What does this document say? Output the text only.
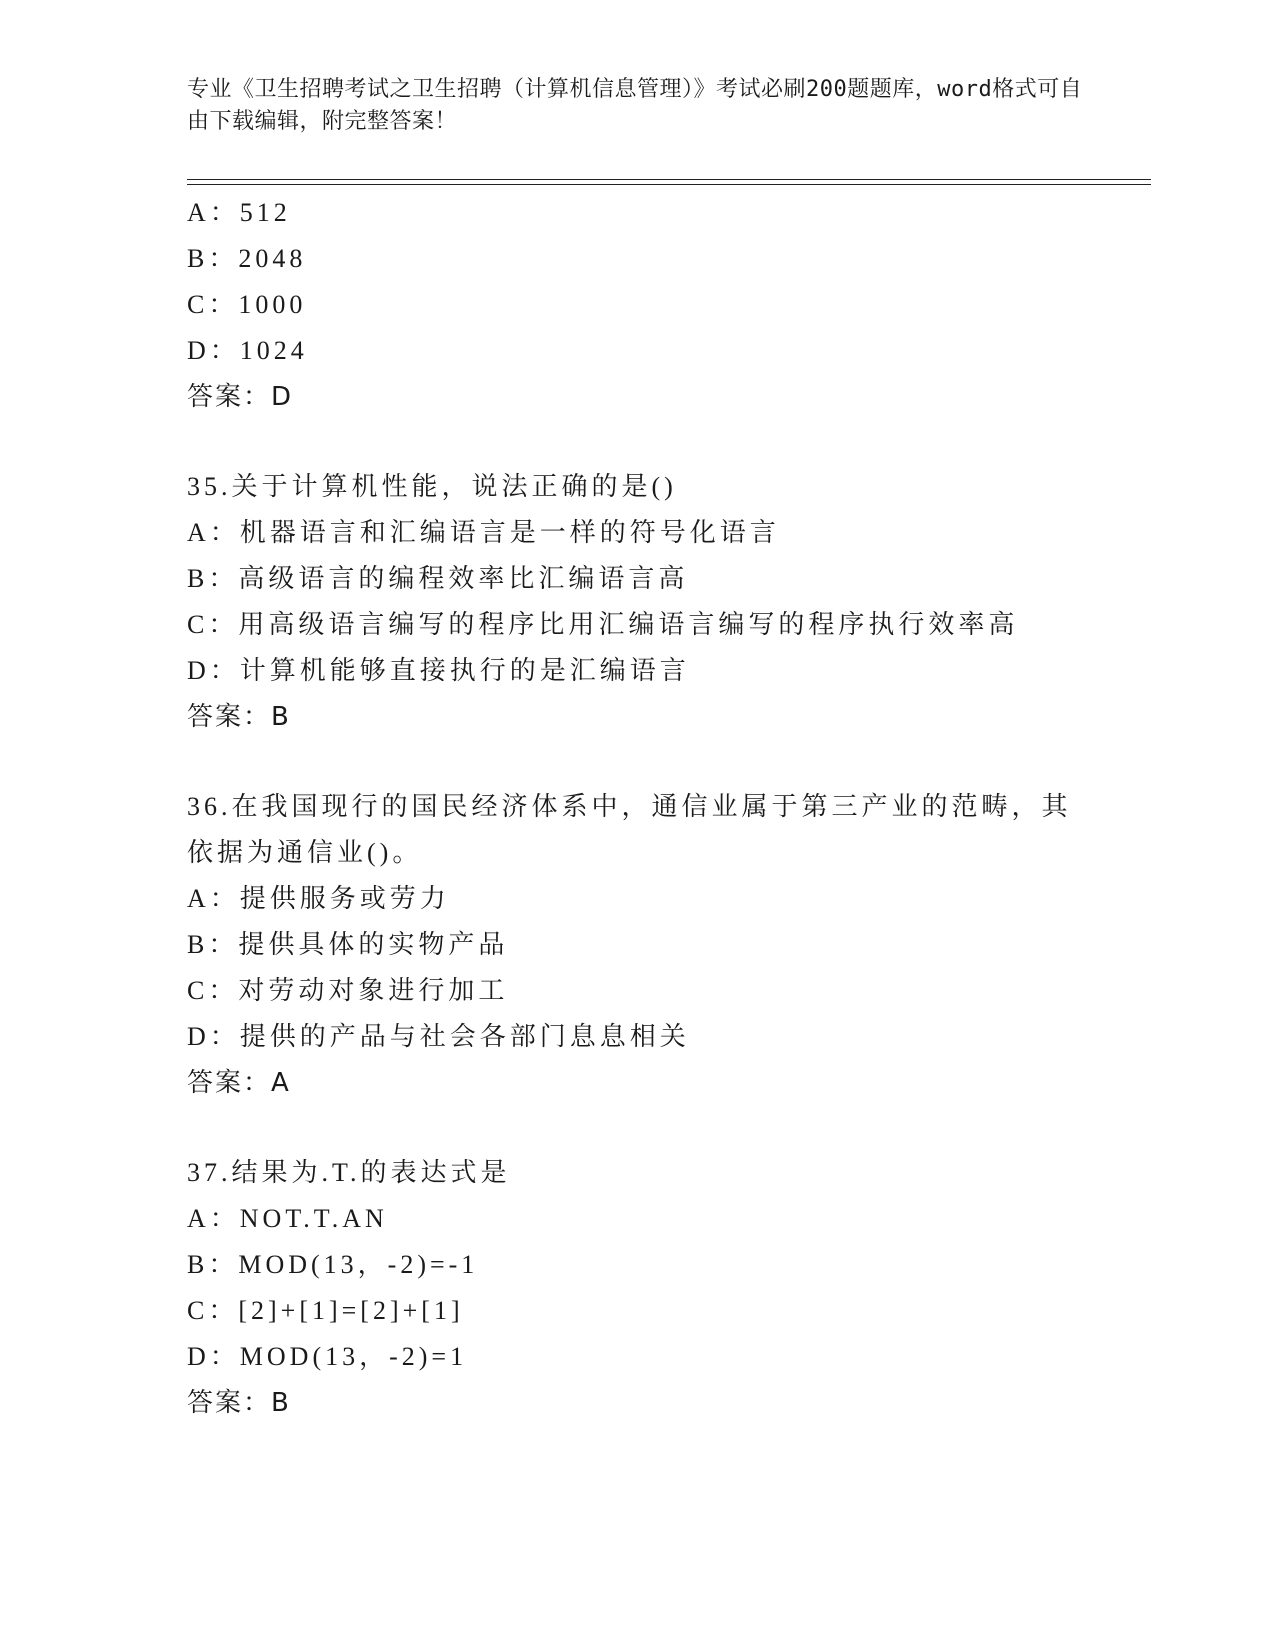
专业《卫生招聘考试之卫生招聘（计算机信息管理）》考试必刷200题题库，word格式可自由下载编辑，附完整答案！
A：512
B：2048
C：1000
D：1024
答案：D
35.关于计算机性能，说法正确的是()
A：机器语言和汇编语言是一样的符号化语言
B：高级语言的编程效率比汇编语言高
C：用高级语言编写的程序比用汇编语言编写的程序执行效率高
D：计算机能够直接执行的是汇编语言
答案：B
36.在我国现行的国民经济体系中，通信业属于第三产业的范畴，其依据为通信业()。
A：提供服务或劳力
B：提供具体的实物产品
C：对劳动对象进行加工
D：提供的产品与社会各部门息息相关
答案：A
37.结果为.T.的表达式是
A：NOT.T.AN
B：MOD(13，-2)=-1
C：[2]+[1]=[2]+[1]
D：MOD(13，-2)=1
答案：B
